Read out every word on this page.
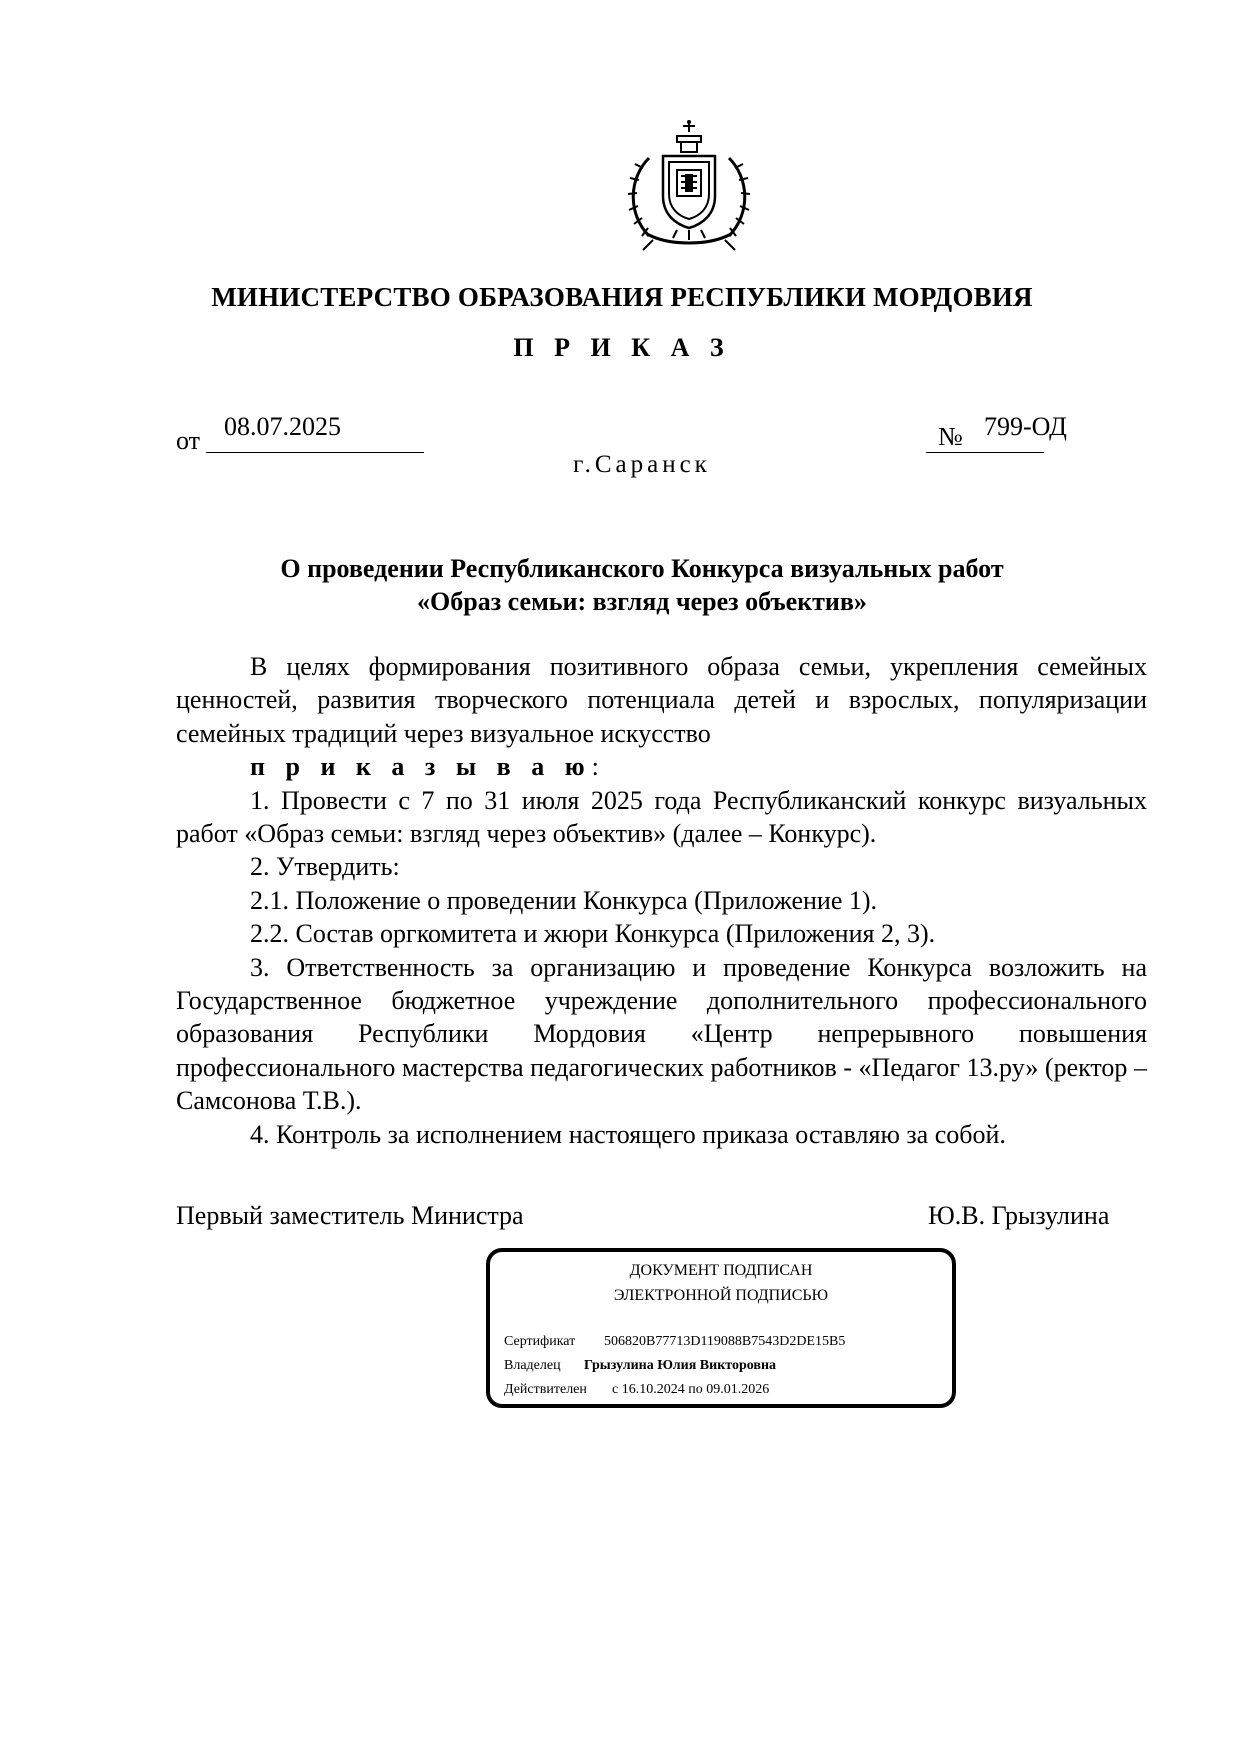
МИНИСТЕРСТВО ОБРАЗОВАНИЯ РЕСПУБЛИКИ МОРДОВИЯ
П Р И К А З
от 08.07.2025	№ 799-ОД
г.Саранск
О проведении Республиканского Конкурса визуальных работ
«Образ семьи: взгляд через объектив»

В целях формирования позитивного образа семьи, укрепления семейных ценностей, развития творческого потенциала детей и взрослых, популяризации семейных традиций через визуальное искусство

п р и к а з ы в а ю:

1. Провести с 7 по 31 июля 2025 года Республиканский конкурс визуальных работ «Образ семьи: взгляд через объектив» (далее – Конкурс).

2. Утвердить:

2.1. Положение о проведении Конкурса (Приложение 1).

2.2. Состав оргкомитета и жюри Конкурса (Приложения 2, 3).

3. Ответственность за организацию и проведение Конкурса возложить на Государственное бюджетное учреждение дополнительного профессионального образования Республики Мордовия «Центр непрерывного повышения профессионального мастерства педагогических работников - «Педагог 13.ру» (ректор – Самсонова Т.В.).

4. Контроль за исполнением настоящего приказа оставляю за собой.

Первый заместитель Министра	Ю.В. Грызулина
ДОКУМЕНТ ПОДПИСАН
ЭЛЕКТРОННОЙ ПОДПИСЬЮ
Сертификат 506820B77713D119088B7543D2DE15B5
Владелец Грызулина Юлия Викторовна
Действителен с 16.10.2024 по 09.01.2026
